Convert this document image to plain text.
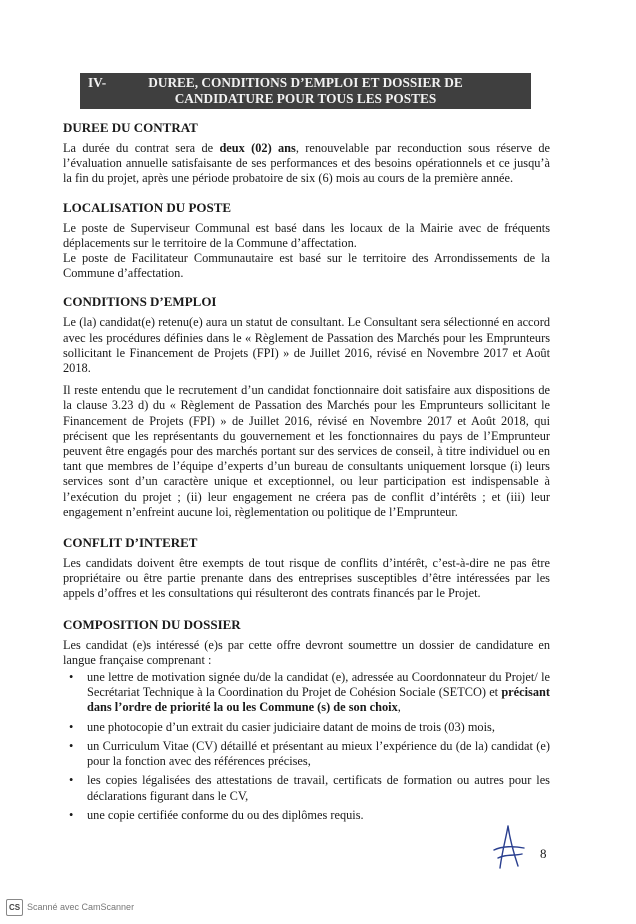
IV-	DUREE, CONDITIONS D’EMPLOI ET DOSSIER DE
CANDIDATURE POUR TOUS LES POSTES
DUREE DU CONTRAT

La durée du contrat sera de deux (02) ans, renouvelable par reconduction sous réserve de l’évaluation annuelle satisfaisante de ses performances et des besoins opérationnels et ce jusqu’à la fin du projet, après une période probatoire de six (6) mois au cours de la première année.

LOCALISATION DU POSTE

Le poste de Superviseur Communal est basé dans les locaux de la Mairie avec de fréquents déplacements sur le territoire de la Commune d’affectation.

Le poste de Facilitateur Communautaire est basé sur le territoire des Arrondissements de la Commune d’affectation.

CONDITIONS D’EMPLOI

Le (la) candidat(e) retenu(e) aura un statut de consultant. Le Consultant sera sélectionné en accord avec les procédures définies dans le « Règlement de Passation des Marchés pour les Emprunteurs sollicitant le Financement de Projets (FPI) » de Juillet 2016, révisé en Novembre 2017 et Août 2018.

Il reste entendu que le recrutement d’un candidat fonctionnaire doit satisfaire aux dispositions de la clause 3.23 d) du « Règlement de Passation des Marchés pour les Emprunteurs sollicitant le Financement de Projets (FPI) » de Juillet 2016, révisé en Novembre 2017 et Août 2018, qui précisent que les représentants du gouvernement et les fonctionnaires du pays de l’Emprunteur peuvent être engagés pour des marchés portant sur des services de conseil, à titre individuel ou en tant que membres de l’équipe d’experts d’un bureau de consultants uniquement lorsque (i) leurs services sont d’un caractère unique et exceptionnel, ou leur participation est indispensable à l’exécution du projet ; (ii) leur engagement ne créera pas de conflit d’intérêts ; et (iii) leur engagement n’enfreint aucune loi, règlementation ou politique de l’Emprunteur.

CONFLIT D’INTERET

Les candidats doivent être exempts de tout risque de conflits d’intérêt, c’est-à-dire ne pas être propriétaire ou être partie prenante dans des entreprises susceptibles d’être intéressées par les appels d’offres et les consultations qui résulteront des contrats financés par le Projet.

COMPOSITION DU DOSSIER

Les candidat (e)s intéressé (e)s par cette offre devront soumettre un dossier de candidature en langue française comprenant :

• une lettre de motivation signée du/de la candidat (e), adressée au Coordonnateur du Projet/ le Secrétariat Technique à la Coordination du Projet de Cohésion Sociale (SETCO) et précisant dans l’ordre de priorité la ou les Commune (s) de son choix,
• une photocopie d’un extrait du casier judiciaire datant de moins de trois (03) mois,
• un Curriculum Vitae (CV) détaillé et présentant au mieux l’expérience du (de la) candidat (e) pour la fonction avec des références précises,
• les copies légalisées des attestations de travail, certificats de formation ou autres pour les déclarations figurant dans le CV,
• une copie certifiée conforme du ou des diplômes requis.
8
CS Scanné avec CamScanner
